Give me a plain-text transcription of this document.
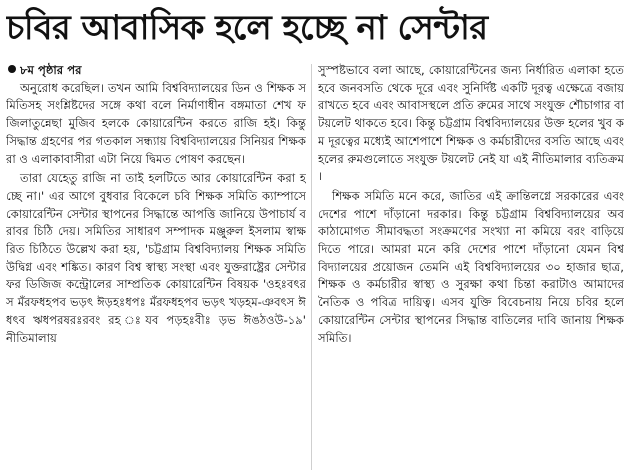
চবির আবাসিক হলে হচ্ছে না সেন্টার
৮ম পৃষ্ঠার পর

অনুরোধ করেছিল। তখন আমি বিশ্ববিদ্যালয়ের ডিন ও শিক্ষক সমিতিসহ সংশ্লিষ্টদের সঙ্গে কথা বলে নির্মাণাধীন বঙ্গমাতা শেখ ফজিলাতুন্নেছা মুজিব হলকে কোয়ারেন্টিন করতে রাজি হই। কিন্তু সিদ্ধান্ত গ্রহণের পর গতকাল সন্ধ্যায় বিশ্ববিদ্যালয়ের সিনিয়র শিক্ষকরা ও এলাকাবাসীরা এটা নিয়ে দ্বিমত পোষণ করছেন।

তারা যেহেতু রাজি না তাই হলটিতে আর কোয়ারেন্টিন করা হচ্ছে না।' এর আগে বুধবার বিকেলে চবি শিক্ষক সমিতি ক্যাম্পাসে কোয়ারেন্টিন সেন্টার স্থাপনের সিদ্ধান্তে আপত্তি জানিয়ে উপাচার্য বরাবর চিঠি দেয়। সমিতির সাধারণ সম্পাদক মঞ্জুরুল ইসলাম স্বাক্ষরিত চিঠিতে উল্লেখ করা হয়, 'চট্টগ্রাম বিশ্ববিদ্যালয় শিক্ষক সমিতি উদ্বিগ্ন এবং শঙ্কিত। কারণ বিশ্ব স্বাস্থ্য সংস্থা এবং যুক্তরাষ্ট্রের সেন্টার ফর ডিজিজ কন্ট্রোলের সাম্প্রতিক কোয়ারেন্টিন বিষয়ক 'ওহঃবৎরস মঁরফধহপব ভড়ৎ ঈড়হঃধপঃ মঁরফধহপব ভড়ৎ খড়হম-ঞবৎস ঈধৎব ঋধপরষরঃরবং রহ ঃযব পড়হঃবীঃ ড়ভ ঈঙঠওউ-১৯' নীতিমালায়

সুস্পষ্টভাবে বলা আছে, কোয়ারেন্টিনের জন্য নির্ধারিত এলাকা হতে হবে জনবসতি থেকে দূরে এবং সুনির্দিষ্ট একটি দূরত্ব এক্ষেত্রে বজায় রাখতে হবে এবং আবাসস্থলে প্রতি রুমের সাথে সংযুক্ত শৌচাগার বা টয়লেট থাকতে হবে। কিন্তু চট্টগ্রাম বিশ্ববিদ্যালয়ের উক্ত হলের খুব কম দূরত্বের মধ্যেই আশেপাশে শিক্ষক ও কর্মচারীদের বসতি আছে এবং হলের রুমগুলোতে সংযুক্ত টয়লেট নেই যা এই নীতিমালার ব্যতিক্রম।

শিক্ষক সমিতি মনে করে, জাতির এই ক্রান্তিলগ্নে সরকারের এবং দেশের পাশে দাঁড়ানো দরকার। কিন্তু চট্টগ্রাম বিশ্ববিদ্যালয়ের অবকাঠামোগত সীমাবদ্ধতা সংক্রমণের সংখ্যা না কমিয়ে বরং বাড়িয়ে দিতে পারে। আমরা মনে করি দেশের পাশে দাঁড়ানো যেমন বিশ্ববিদ্যালয়ের প্রয়োজন তেমনি এই বিশ্ববিদ্যালয়ের ৩০ হাজার ছাত্র, শিক্ষক ও কর্মচারীর স্বাস্থ্য ও সুরক্ষা কথা চিন্তা করাটাও আমাদের নৈতিক ও পবিত্র দায়িত্ব। এসব যুক্তি বিবেচনায় নিয়ে চবির হলে কোয়ারেন্টিন সেন্টার স্থাপনের সিদ্ধান্ত বাতিলের দাবি জানায় শিক্ষক সমিতি।
